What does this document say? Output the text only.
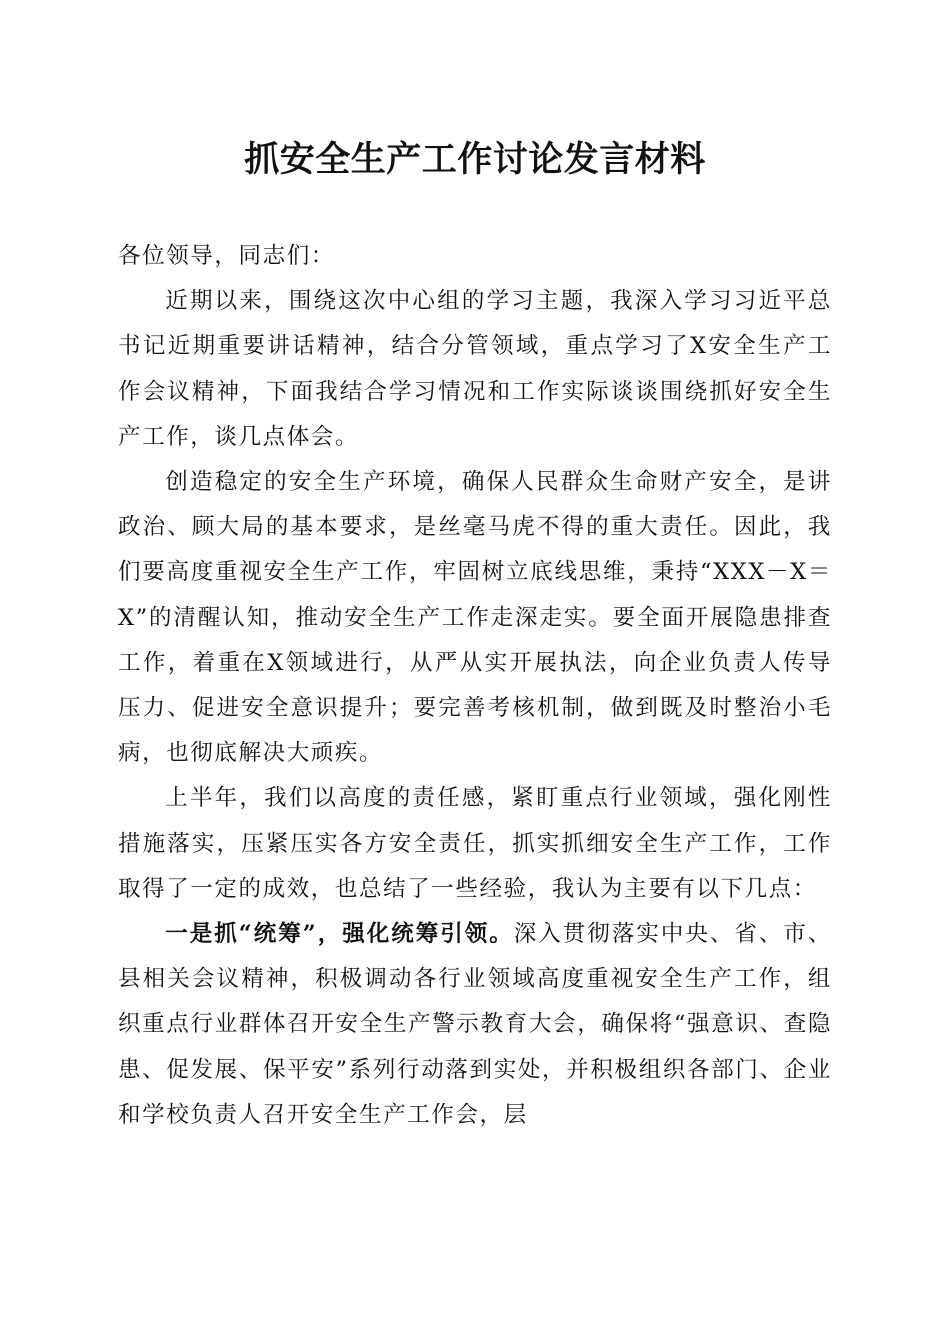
抓安全生产工作讨论发言材料

各位领导，同志们：

近期以来，围绕这次中心组的学习主题，我深入学习习近平总书记近期重要讲话精神，结合分管领域，重点学习了X安全生产工作会议精神，下面我结合学习情况和工作实际谈谈围绕抓好安全生产工作，谈几点体会。

创造稳定的安全生产环境，确保人民群众生命财产安全，是讲政治、顾大局的基本要求，是丝毫马虎不得的重大责任。因此，我们要高度重视安全生产工作，牢固树立底线思维，秉持“XXX－X＝X”的清醒认知，推动安全生产工作走深走实。要全面开展隐患排查工作，着重在X领域进行，从严从实开展执法，向企业负责人传导压力、促进安全意识提升；要完善考核机制，做到既及时整治小毛病，也彻底解决大顽疾。

上半年，我们以高度的责任感，紧盯重点行业领域，强化刚性措施落实，压紧压实各方安全责任，抓实抓细安全生产工作，工作取得了一定的成效，也总结了一些经验，我认为主要有以下几点：

一是抓“统筹”，强化统筹引领。深入贯彻落实中央、省、市、县相关会议精神，积极调动各行业领域高度重视安全生产工作，组织重点行业群体召开安全生产警示教育大会，确保将“强意识、查隐患、促发展、保平安”系列行动落到实处，并积极组织各部门、企业和学校负责人召开安全生产工作会，层
